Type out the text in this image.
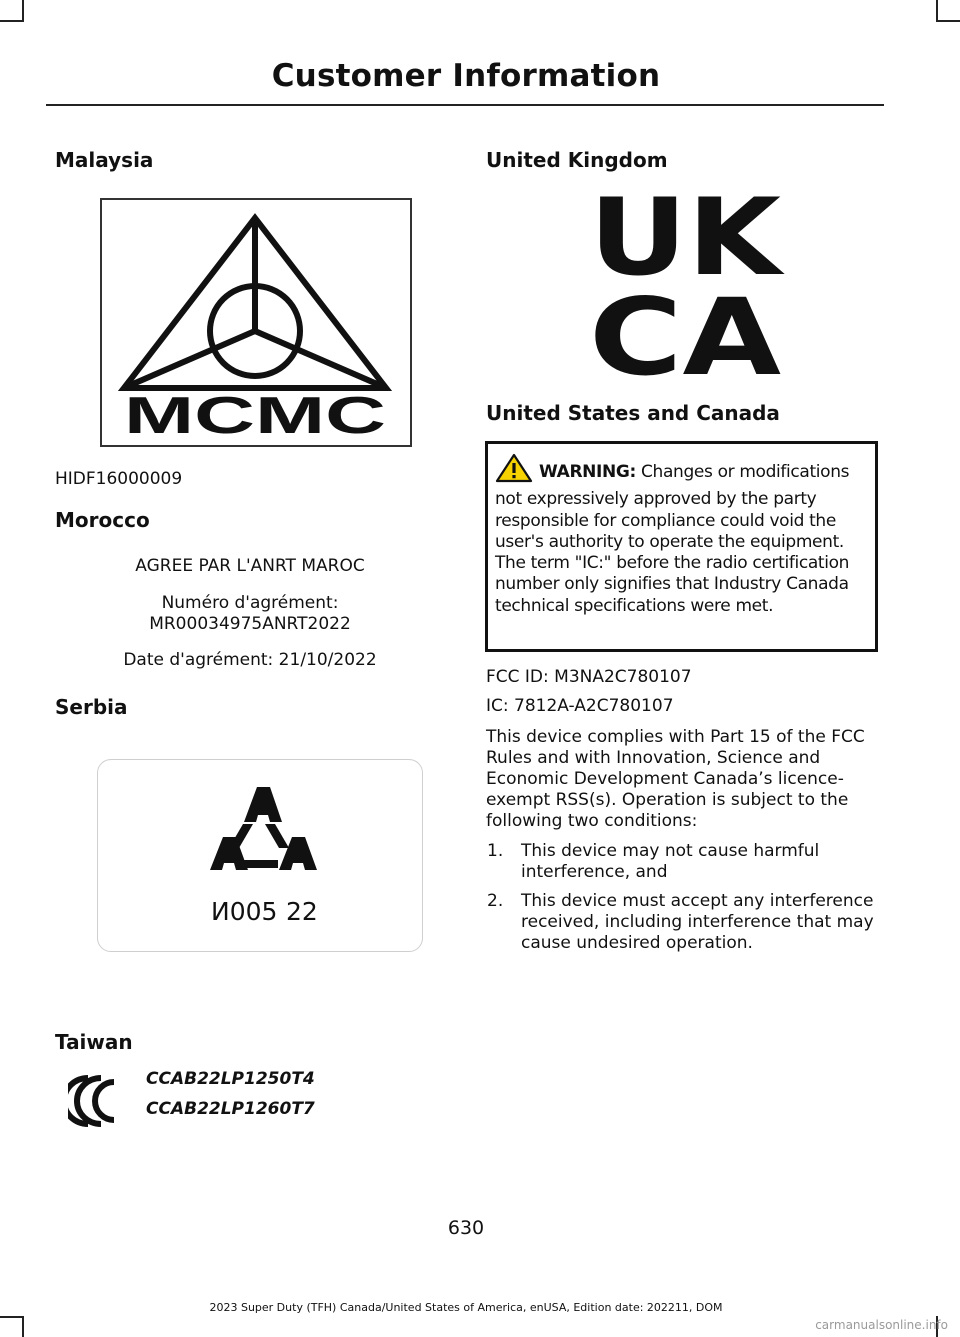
Customer Information
Malaysia
MCMC
HIDF16000009
Morocco
AGREE PAR L'ANRT MAROC
Numéro d'agrément:
MR00034975ANRT2022
Date d'agrément: 21/10/2022
Serbia
И005 22
Taiwan
CCAB22LP1250T4
CCAB22LP1260T7
United Kingdom
UK
CA
United States and Canada
WARNING: Changes or modifications not expressively approved by the party responsible for compliance could void the user's authority to operate the equipment. The term "IC:" before the radio certification number only signifies that Industry Canada technical specifications were met.
FCC ID: M3NA2C780107
IC: 7812A-A2C780107
This device complies with Part 15 of the FCC Rules and with Innovation, Science and Economic Development Canada’s licence-exempt RSS(s). Operation is subject to the following two conditions:
1. This device may not cause harmful interference, and
2. This device must accept any interference received, including interference that may cause undesired operation.
630
2023 Super Duty (TFH) Canada/United States of America, enUSA, Edition date: 202211, DOM
carmanualsonline.info
